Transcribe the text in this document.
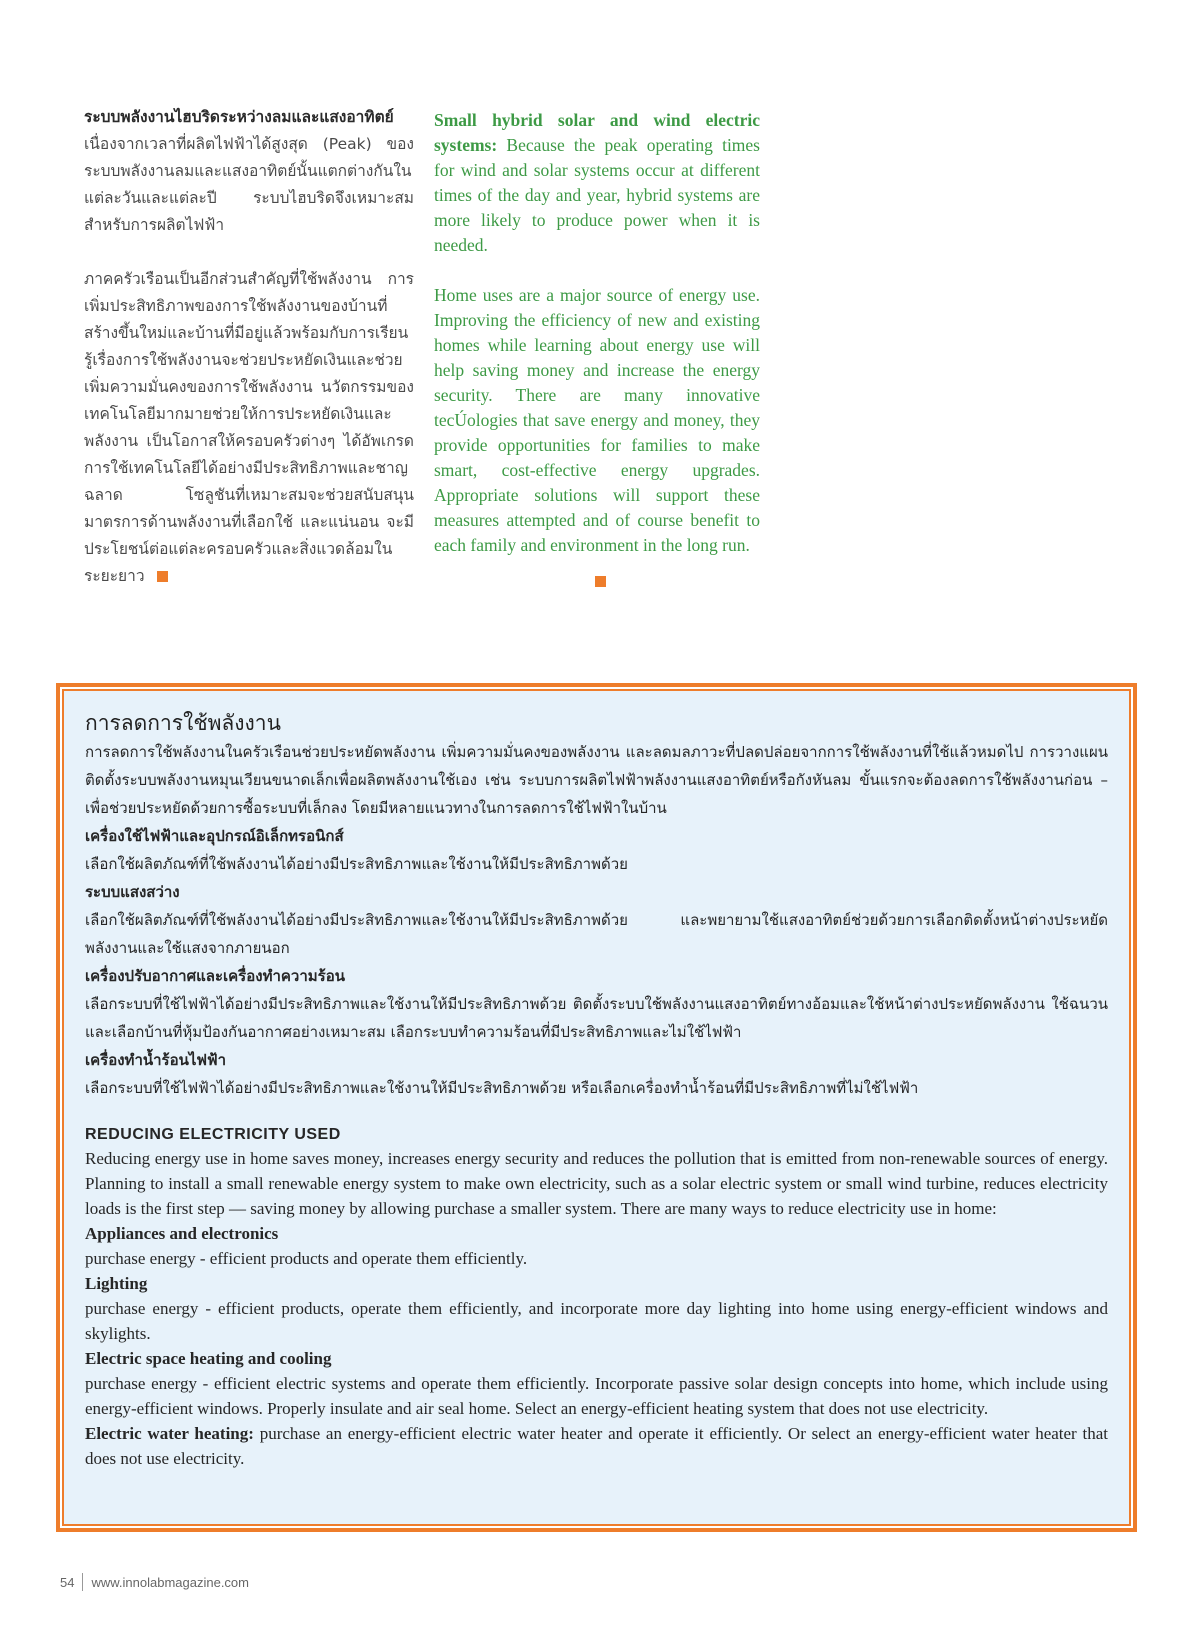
ระบบพลังงานไฮบริดระหว่างลมและแสงอาทิตย์ เนื่องจากเวลาที่ผลิตไฟฟ้าได้สูงสุด (Peak) ของระบบพลังงานลมและแสงอาทิตย์นั้นแตกต่างกันในแต่ละวันและแต่ละปี ระบบไฮบริดจึงเหมาะสมสำหรับการผลิตไฟฟ้า
ภาคครัวเรือนเป็นอีกส่วนสำคัญที่ใช้พลังงาน การเพิ่มประสิทธิภาพของการใช้พลังงานของบ้านที่สร้างขึ้นใหม่และบ้านที่มีอยู่แล้วพร้อมกับการเรียนรู้เรื่องการใช้พลังงานจะช่วยประหยัดเงินและช่วยเพิ่มความมั่นคงของการใช้พลังงาน นวัตกรรมของเทคโนโลยีมากมายช่วยให้การประหยัดเงินและพลังงาน เป็นโอกาสให้ครอบครัวต่างๆ ได้อัพเกรดการใช้เทคโนโลยีได้อย่างมีประสิทธิภาพและชาญฉลาด โซลูชันที่เหมาะสมจะช่วยสนับสนุนมาตรการด้านพลังงานที่เลือกใช้ และแน่นอน จะมีประโยชน์ต่อแต่ละครอบครัวและสิ่งแวดล้อมในระยะยาว
Small hybrid solar and wind electric systems: Because the peak operating times for wind and solar systems occur at different times of the day and year, hybrid systems are more likely to produce power when it is needed.
Home uses are a major source of energy use. Improving the efficiency of new and existing homes while learning about energy use will help saving money and increase the energy security. There are many innovative tecÚologies that save energy and money, they provide opportunities for families to make smart, cost-effective energy upgrades. Appropriate solutions will support these measures attempted and of course benefit to each family and environment in the long run.
การลดการใช้พลังงาน
การลดการใช้พลังงานในครัวเรือนช่วยประหยัดพลังงาน เพิ่มความมั่นคงของพลังงาน และลดมลภาวะที่ปลดปล่อยจากการใช้พลังงานที่ใช้แล้วหมดไป การวางแผนติดตั้งระบบพลังงานหมุนเวียนขนาดเล็กเพื่อผลิตพลังงานใช้เอง เช่น ระบบการผลิตไฟฟ้าพลังงานแสงอาทิตย์หรือกังหันลม ขั้นแรกจะต้องลดการใช้พลังงานก่อน – เพื่อช่วยประหยัดด้วยการซื้อระบบที่เล็กลง โดยมีหลายแนวทางในการลดการใช้ไฟฟ้าในบ้าน
เครื่องใช้ไฟฟ้าและอุปกรณ์อิเล็กทรอนิกส์
เลือกใช้ผลิตภัณฑ์ที่ใช้พลังงานได้อย่างมีประสิทธิภาพและใช้งานให้มีประสิทธิภาพด้วย
ระบบแสงสว่าง
เลือกใช้ผลิตภัณฑ์ที่ใช้พลังงานได้อย่างมีประสิทธิภาพและใช้งานให้มีประสิทธิภาพด้วย และพยายามใช้แสงอาทิตย์ช่วยด้วยการเลือกติดตั้งหน้าต่างประหยัดพลังงานและใช้แสงจากภายนอก
เครื่องปรับอากาศและเครื่องทำความร้อน
เลือกระบบที่ใช้ไฟฟ้าได้อย่างมีประสิทธิภาพและใช้งานให้มีประสิทธิภาพด้วย ติดตั้งระบบใช้พลังงานแสงอาทิตย์ทางอ้อมและใช้หน้าต่างประหยัดพลังงาน ใช้ฉนวนและเลือกบ้านที่หุ้มป้องกันอากาศอย่างเหมาะสม เลือกระบบทำความร้อนที่มีประสิทธิภาพและไม่ใช้ไฟฟ้า
เครื่องทำน้ำร้อนไฟฟ้า
เลือกระบบที่ใช้ไฟฟ้าได้อย่างมีประสิทธิภาพและใช้งานให้มีประสิทธิภาพด้วย หรือเลือกเครื่องทำน้ำร้อนที่มีประสิทธิภาพที่ไม่ใช้ไฟฟ้า
REDUCING ELECTRICITY USED
Reducing energy use in home saves money, increases energy security and reduces the pollution that is emitted from non-renewable sources of energy. Planning to install a small renewable energy system to make own electricity, such as a solar electric system or small wind turbine, reduces electricity loads is the first step — saving money by allowing purchase a smaller system. There are many ways to reduce electricity use in home:
Appliances and electronics
purchase energy - efficient products and operate them efficiently.
Lighting
purchase energy - efficient products, operate them efficiently, and incorporate more day lighting into home using energy-efficient windows and skylights.
Electric space heating and cooling
purchase energy - efficient electric systems and operate them efficiently. Incorporate passive solar design concepts into home, which include using energy-efficient windows. Properly insulate and air seal home. Select an energy-efficient heating system that does not use electricity.
Electric water heating: purchase an energy-efficient electric water heater and operate it efficiently. Or select an energy-efficient water heater that does not use electricity.
54 www.innolabmagazine.com
